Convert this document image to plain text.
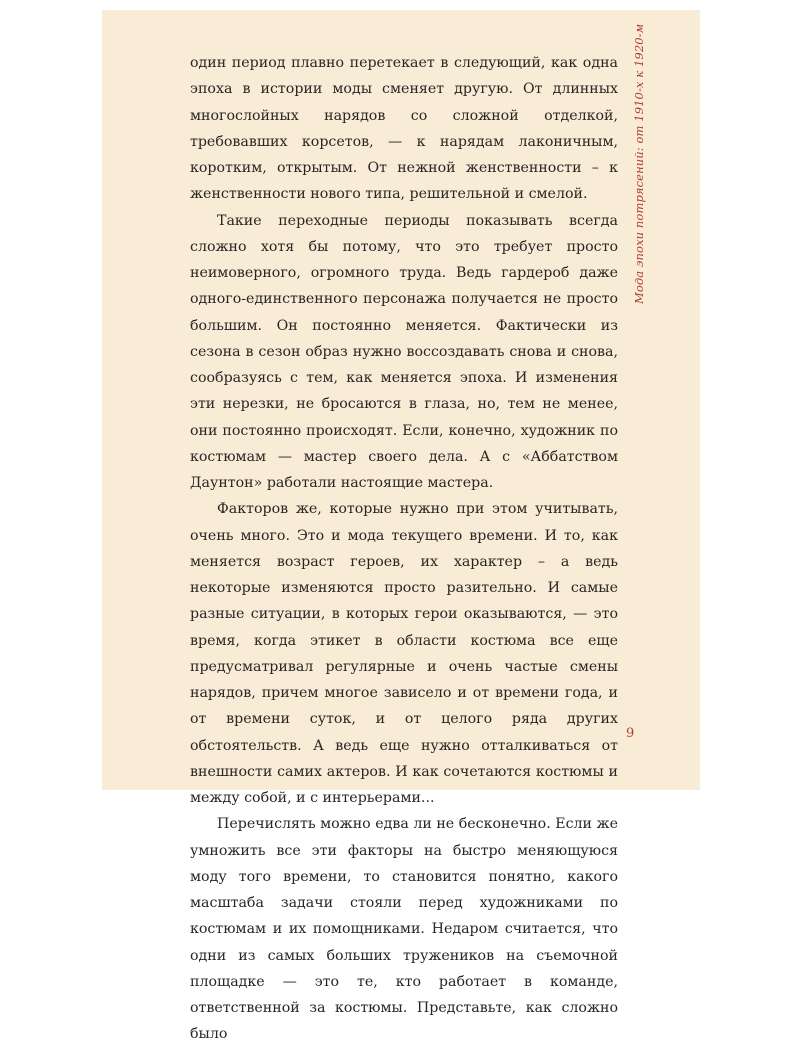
один период плавно перетекает в следующий, как одна эпоха в истории моды сменяет другую. От длинных многослойных нарядов со сложной отделкой, требовавших корсетов, — к нарядам лаконичным, коротким, открытым. От нежной женственности – к женственности нового типа, решительной и смелой.

Такие переходные периоды показывать всегда сложно хотя бы потому, что это требует просто неимоверного, огромного труда. Ведь гардероб даже одного-единственного персонажа получается не просто большим. Он постоянно меняется. Фактически из сезона в сезон образ нужно воссоздавать снова и снова, сообразуясь с тем, как меняется эпоха. И изменения эти нерезки, не бросаются в глаза, но, тем не менее, они постоянно происходят. Если, конечно, художник по костюмам — мастер своего дела. А с «Аббатством Даунтон» работали настоящие мастера.

Факторов же, которые нужно при этом учитывать, очень много. Это и мода текущего времени. И то, как меняется возраст героев, их характер – а ведь некоторые изменяются просто разительно. И самые разные ситуации, в которых герои оказываются, — это время, когда этикет в области костюма все еще предусматривал регулярные и очень частые смены нарядов, причем многое зависело и от времени года, и от времени суток, и от целого ряда других обстоятельств. А ведь еще нужно отталкиваться от внешности самих актеров. И как сочетаются костюмы и между собой, и с интерьерами...

Перечислять можно едва ли не бесконечно. Если же умножить все эти факторы на быстро меняющуюся моду того времени, то становится понятно, какого масштаба задачи стояли перед художниками по костюмам и их помощниками. Недаром считается, что одни из самых больших тружеников на съемочной площадке — это те, кто работает в команде, ответственной за костюмы. Представьте, как сложно было

Мода эпохи потрясений: от 1910-х к 1920-м
9
